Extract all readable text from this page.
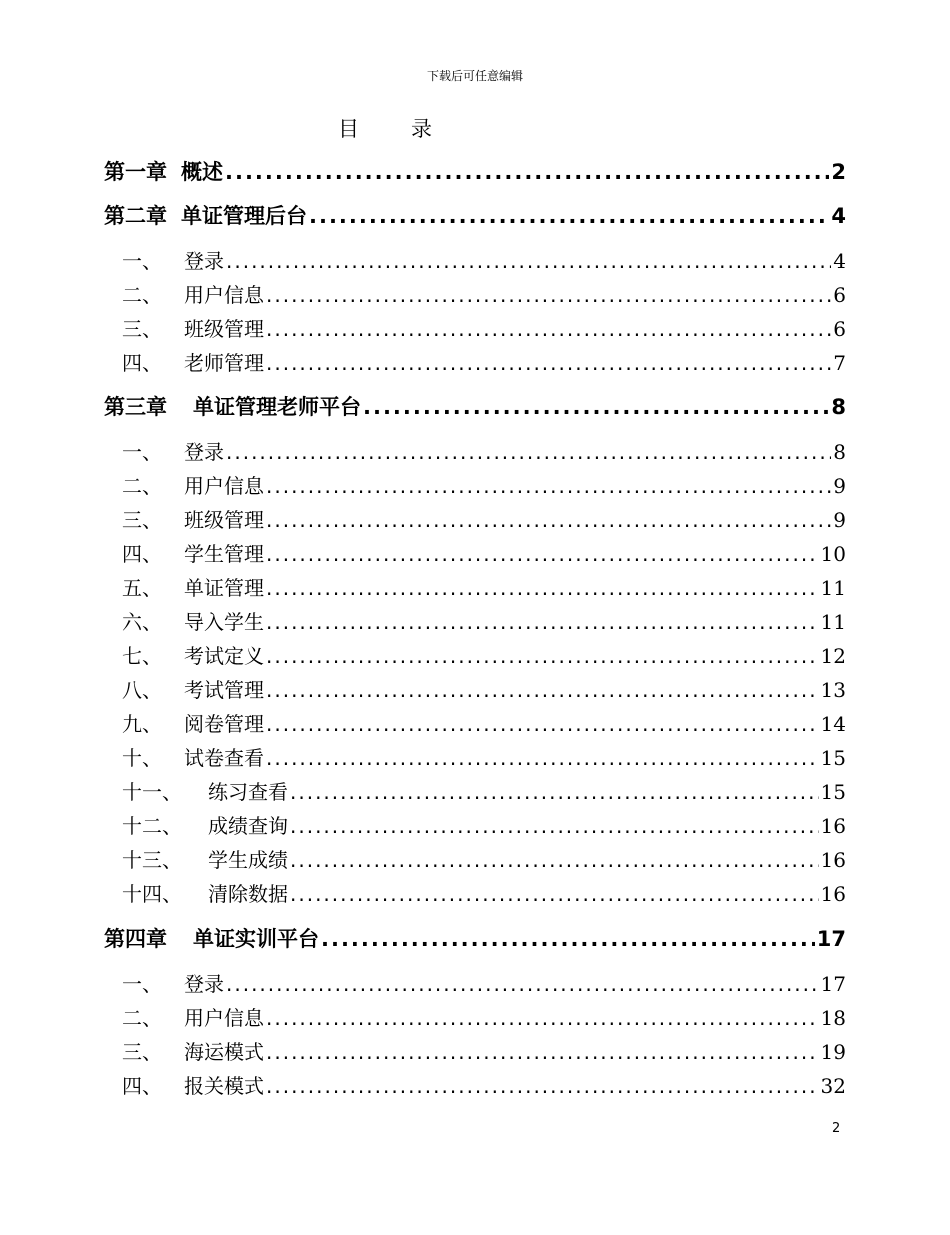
下载后可任意编辑
目 录
第一章 概述 .....	2
第二章 单证管理后台 .....	4
一、	登录 .....	4
二、	用户信息 .....	6
三、	班级管理 .....	6
四、	老师管理 .....	7
第三章 单证管理老师平台 .....	8
一、	登录 .....	8
二、	用户信息 .....	9
三、	班级管理 .....	9
四、	学生管理 .....	10
五、	单证管理 .....	11
六、	导入学生 .....	11
七、	考试定义 .....	12
八、	考试管理 .....	13
九、	阅卷管理 .....	14
十、	试卷查看 .....	15
十一、	练习查看 .....	15
十二、	成绩查询 .....	16
十三、	学生成绩 .....	16
十四、	清除数据 .....	16
第四章 单证实训平台 .....	17
一、	登录 .....	17
二、	用户信息 .....	18
三、	海运模式 .....	19
四、	报关模式 .....	32
2
